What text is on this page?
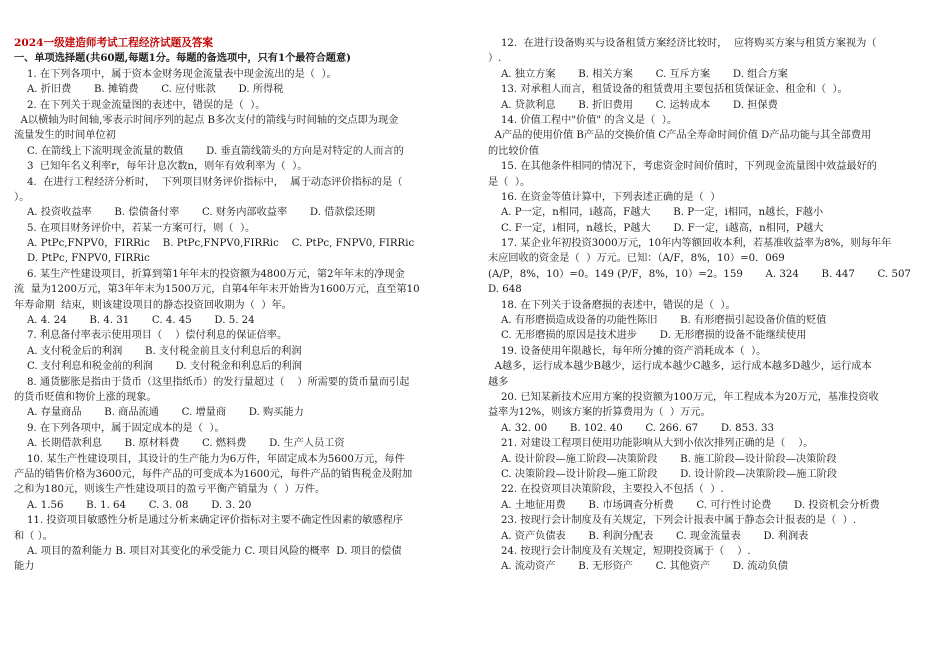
2024一级建造师考试工程经济试题及答案
一、单项选择题(共60题,每题1分。每题的备选项中，只有1个最符合题意)
1. 在下列各项中，属于资本金财务现金流量表中现金流出的是（  ）。
A. 折旧费       B. 摊销费       C. 应付账款       D. 所得税
2. 在下列关于现金流量图的表述中，错误的是（  ）。
A以横轴为时间轴,零表示时间序列的起点 B多次支付的箭线与时间轴的交点即为现金
流量发生的时间单位初
C. 在箭线上下流明现金流量的数值       D. 垂直箭线箭头的方向是对特定的人而言的
3  已知年名义利率r，每年计息次数n，则年有效利率为（  ）。
4.  在进行工程经济分析时，  下列项目财务评价指标中，  属于动态评价指标的是（
）。
A. 投资收益率       B. 偿债备付率       C. 财务内部收益率       D. 借款偿还期
5. 在项目财务评价中，若某一方案可行，则（  ）。
A. PtPc,FNPV0，FIRRic    B. PtPc,FNPV0,FIRRic    C. PtPc, FNPV0, FIRRic
D. PtPc, FNPV0, FIRRic
6. 某生产性建设项目，折算到第1年年末的投资额为4800万元，第2年年末的净现金
流  量为1200万元，第3年年末为1500万元，自第4年年末开始皆为1600万元，直至第10
年寿命期  结束，则该建设项目的静态投资回收期为（  ）年。
A. 4. 24       B. 4. 31       C. 4. 45       D. 5. 24
7. 利息备付率表示使用项目（    ）偿付利息的保证倍率。
A. 支付税金后的利润       B. 支付税金前且支付利息后的利润
C. 支付利息和税金前的利润       D. 支付税金和利息后的利润
8. 通货膨胀是指由于货币（这里指纸币）的发行量超过（    ）所需要的货币量而引起
的货币贬值和物价上涨的现象。
A. 存量商品       B. 商品流通       C. 增量商       D. 购买能力
9. 在下列各项中，属于固定成本的是（  ）。
A. 长期借款利息       B. 原材料费       C. 燃料费       D. 生产人员工资
10. 某生产性建设项目，其设计的生产能力为6万件，年固定成本为5600万元，每件
产品的销售价格为3600元，每件产品的可变成本为1600元，每件产品的销售税金及附加
之和为180元，则该生产性建设项目的盈亏平衡产销量为（  ）万件。
A. 1.56       B. 1. 64       C. 3. 08       D. 3. 20
11. 投资项目敏感性分析是通过分析来确定评价指标对主要不确定性因素的敏感程序
和（ ）。
A. 项目的盈利能力 B. 项目对其变化的承受能力 C. 项目风险的概率  D. 项目的偿债
能力
12.  在进行设备购买与设备租赁方案经济比较时，  应将购买方案与租赁方案视为（
）.
A. 独立方案       B. 相关方案       C. 互斥方案       D. 组合方案
13. 对承租人而言，租赁设备的租赁费用主要包括租赁保证金、租金和（  ）。
A. 贷款利息       B. 折旧费用       C. 运转成本       D. 担保费
14. 价值工程中"价值" 的含义是（  ）。
A产品的使用价值 B产品的交换价值 C产品全寿命时间价值 D产品功能与其全部费用
的比较价值
15. 在其他条件相同的情况下，考虑资金时间价值时，下列现金流量图中效益最好的
是（  ）。
16. 在资金等值计算中，下列表述正确的是（  ）
A. P一定，n相同，i越高，F越大       B. P一定，i相同，n越长，F越小
C. F一定，i相同，n越长，P越大       D. F一定，i越高，n相同，P越大
17. 某企业年初投资3000万元，10年内等额回收本利，若基准收益率为8%，则每年年
末应回收的资金是（  ）万元。已知：（A/F，8%，10）=0．069
(A/P，8%，10）=0。149 (P/F，8%，10）=2。159       A. 324       B. 447       C. 507
D. 648
18. 在下列关于设备磨损的表述中，错误的是（  ）。
A. 有形磨损造成设备的功能性陈旧       B. 有形磨损引起设备价值的贬值
C. 无形磨损的原因是技术进步       D. 无形磨损的设备不能继续使用
19. 设备使用年限越长，每年所分摊的资产消耗成本（  ）。
A越多，运行成本越少B越少，运行成本越少C越多，运行成本越多D越少，运行成本
越多
20. 已知某新技术应用方案的投资额为100万元，年工程成本为20万元，基准投资收
益率为12%，则该方案的折算费用为（  ）万元。
A. 32. 00       B. 102. 40       C. 266. 67       D. 853. 33
21. 对建设工程项目使用功能影响从大到小依次排列正确的是（    ）。
A. 设计阶段—施工阶段—决策阶段       B. 施工阶段—设计阶段—决策阶段
C. 决策阶段—设计阶段—施工阶段       D. 设计阶段—决策阶段—施工阶段
22. 在投资项目决策阶段，主要投入不包括（  ）.
A. 土地征用费       B. 市场调查分析费       C. 可行性讨论费       D. 投资机会分析费
23. 按现行会计制度及有关规定，下列会计报表中属于静态会计报表的是（  ）.
A. 资产负债表       B. 利润分配表       C. 现金流量表       D. 利润表
24. 按现行会计制度及有关规定，短期投资属于（    ）.
A. 流动资产       B. 无形资产       C. 其他资产       D. 流动负债
